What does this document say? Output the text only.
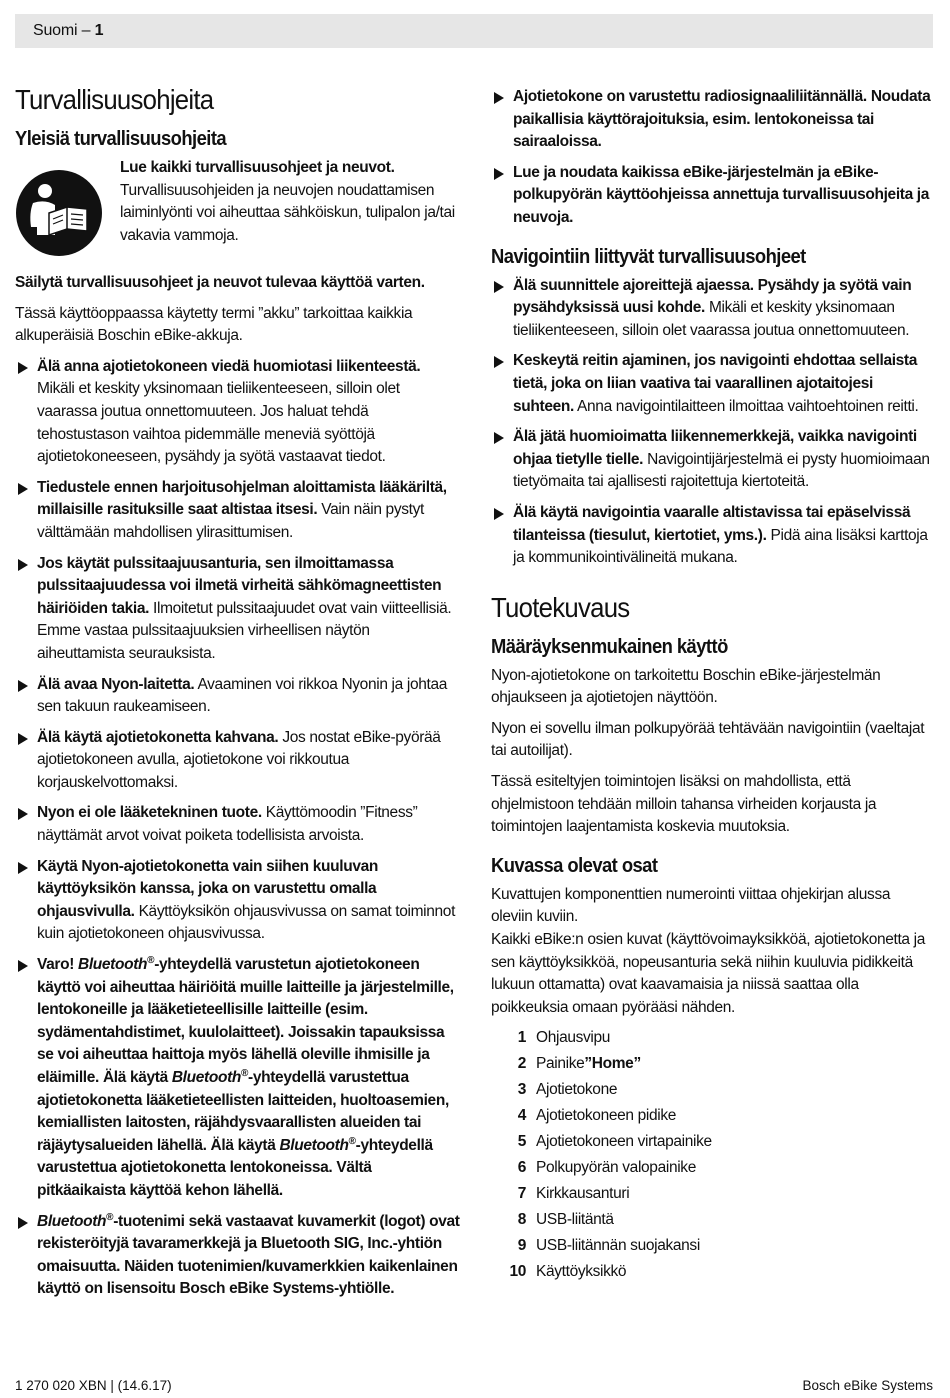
Suomi – 1
Turvallisuusohjeita
Yleisiä turvallisuusohjeita

Lue kaikki turvallisuusohjeet ja neuvot. Turvallisuusohjeiden ja neuvojen noudattamisen laiminlyönti voi aiheuttaa sähköiskun, tulipalon ja/tai vakavia vammoja.

Säilytä turvallisuusohjeet ja neuvot tulevaa käyttöä varten.

Tässä käyttöoppaassa käytetty termi ”akku” tarkoittaa kaikkia alkuperäisiä Boschin eBike-akkuja.

Älä anna ajotietokoneen viedä huomiotasi liikenteestä. Mikäli et keskity yksinomaan tieliikenteeseen, silloin olet vaarassa joutua onnettomuuteen. Jos haluat tehdä tehostustason vaihtoa pidemmälle meneviä syöttöjä ajotietokoneeseen, pysähdy ja syötä vastaavat tiedot.
Tiedustele ennen harjoitusohjelman aloittamista lääkäriltä, millaisille rasituksille saat altistaa itsesi. Vain näin pystyt välttämään mahdollisen ylirasittumisen.
Jos käytät pulssitaajuusanturia, sen ilmoittamassa pulssitaajuudessa voi ilmetä virheitä sähkömagneettisten häiriöiden takia. Ilmoitetut pulssitaajuudet ovat vain viitteellisiä. Emme vastaa pulssitaajuuksien virheellisen näytön aiheuttamista seurauksista.
Älä avaa Nyon-laitetta. Avaaminen voi rikkoa Nyonin ja johtaa sen takuun raukeamiseen.
Älä käytä ajotietokonetta kahvana. Jos nostat eBike-pyörää ajotietokoneen avulla, ajotietokone voi rikkoutua korjauskelvottomaksi.
Nyon ei ole lääketekninen tuote. Käyttömoodin ”Fitness” näyttämät arvot voivat poiketa todellisista arvoista.
Käytä Nyon-ajotietokonetta vain siihen kuuluvan käyttöyksikön kanssa, joka on varustettu omalla ohjausvivulla. Käyttöyksikön ohjausvivussa on samat toiminnot kuin ajotietokoneen ohjausvivussa.
Varo! Bluetooth®-yhteydellä varustetun ajotietokoneen käyttö voi aiheuttaa häiriöitä muille laitteille ja järjestelmille, lentokoneille ja lääketieteellisille laitteille (esim. sydämentahdistimet, kuulolaitteet). Joissakin tapauksissa se voi aiheuttaa haittoja myös lähellä oleville ihmisille ja eläimille. Älä käytä Bluetooth®-yhteydellä varustettua ajotietokonetta lääketieteellisten laitteiden, huoltoasemien, kemiallisten laitosten, räjähdysvaarallisten alueiden tai räjäytysalueiden lähellä. Älä käytä Bluetooth®-yhteydellä varustettua ajotietokonetta lentokoneissa. Vältä pitkäaikaista käyttöä kehon lähellä.
Bluetooth®-tuotenimi sekä vastaavat kuvamerkit (logot) ovat rekisteröityjä tavaramerkkejä ja Bluetooth SIG, Inc.-yhtiön omaisuutta. Näiden tuotenimien/kuvamerkkien kaikenlainen käyttö on lisensoitu Bosch eBike Systems-yhtiölle.
Ajotietokone on varustettu radiosignaaliliitännällä. Noudata paikallisia käyttörajoituksia, esim. lentokoneissa tai sairaaloissa.
Lue ja noudata kaikissa eBike-järjestelmän ja eBike-polkupyörän käyttöohjeissa annettuja turvallisuusohjeita ja neuvoja.
Navigointiin liittyvät turvallisuusohjeet
Älä suunnittele ajoreittejä ajaessa. Pysähdy ja syötä vain pysähdyksissä uusi kohde. Mikäli et keskity yksinomaan tieliikenteeseen, silloin olet vaarassa joutua onnettomuuteen.
Keskeytä reitin ajaminen, jos navigointi ehdottaa sellaista tietä, joka on liian vaativa tai vaarallinen ajotaitojesi suhteen. Anna navigointilaitteen ilmoittaa vaihtoehtoinen reitti.
Älä jätä huomioimatta liikennemerkkejä, vaikka navigointi ohjaa tietylle tielle. Navigointijärjestelmä ei pysty huomioimaan tietyömaita tai ajallisesti rajoitettuja kiertoteitä.
Älä käytä navigointia vaaralle altistavissa tai epäselvissä tilanteissa (tiesulut, kiertotiet, yms.). Pidä aina lisäksi karttoja ja kommunikointivälineitä mukana.
Tuotekuvaus
Määräyksenmukainen käyttö

Nyon-ajotietokone on tarkoitettu Boschin eBike-järjestelmän ohjaukseen ja ajotietojen näyttöön.

Nyon ei sovellu ilman polkupyörää tehtävään navigointiin (vaeltajat tai autoilijat).

Tässä esiteltyjen toimintojen lisäksi on mahdollista, että ohjelmistoon tehdään milloin tahansa virheiden korjausta ja toimintojen laajentamista koskevia muutoksia.

Kuvassa olevat osat

Kuvattujen komponenttien numerointi viittaa ohjekirjan alussa oleviin kuviin.

Kaikki eBike:n osien kuvat (käyttövoimayksikköä, ajotietokonetta ja sen käyttöyksikköä, nopeusanturia sekä niihin kuuluvia pidikkeitä lukuun ottamatta) ovat kaavamaisia ja niissä saattaa olla poikkeuksia omaan pyörääsi nähden.

1 Ohjausvipu
2 Painike ”Home”
3 Ajotietokone
4 Ajotietokoneen pidike
5 Ajotietokoneen virtapainike
6 Polkupyörän valopainike
7 Kirkkausanturi
8 USB-liitäntä
9 USB-liitännän suojakansi
10 Käyttöyksikkö
1 270 020 XBN | (14.6.17)	Bosch eBike Systems
